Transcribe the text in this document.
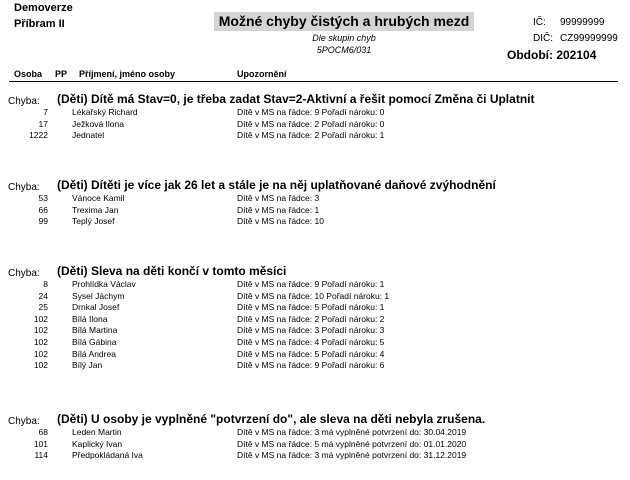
Demoverze
Příbram II	Možné chyby čistých a hrubých mezd
Dle skupin chyb
5POCM6/031
IČ: 99999999
DIČ: CZ99999999
Období: 202104
Osoba PP Příjmení, jméno osoby	Upozornění
Chyba: (Děti) Dítě má Stav=0, je třeba zadat Stav=2-Aktivní a řešit pomocí Změna či Uplatnit
7	Lékařský Richard	Dítě v MS na řádce: 9 Pořadí nároku: 0
17	Ježková Ilona	Dítě v MS na řádce: 2 Pořadí nároku: 0
1222	Jednatel	Dítě v MS na řádce: 2 Pořadí nároku: 1
Chyba: (Děti) Dítěti je více jak 26 let a stále je na něj uplatňované daňové zvýhodnění
53	Vánoce Kamil	Dítě v MS na řádce: 3
66	Trexima Jan	Dítě v MS na řádce: 1
99	Teplý Josef	Dítě v MS na řádce: 10
Chyba: (Děti) Sleva na děti končí v tomto měsíci
8	Prohlídka Václav	Dítě v MS na řádce: 9 Pořadí nároku: 1
24	Sysel Jáchym	Dítě v MS na řádce: 10 Pořadí nároku: 1
25	Drnkal Josef	Dítě v MS na řádce: 5 Pořadí nároku: 1
102	Bílá Ilona	Dítě v MS na řádce: 2 Pořadí nároku: 2
102	Bílá Martina	Dítě v MS na řádce: 3 Pořadí nároku: 3
102	Bílá Gábina	Dítě v MS na řádce: 4 Pořadí nároku: 5
102	Bílá Andrea	Dítě v MS na řádce: 5 Pořadí nároku: 4
102	Bílý Jan	Dítě v MS na řádce: 9 Pořadí nároku: 6
Chyba: (Děti) U osoby je vyplněné "potvrzení do", ale sleva na děti nebyla zrušena.
68	Leden Martin	Dítě v MS na řádce: 3 má vyplněné potvrzení do: 30.04.2019
101	Kaplický Ivan	Dítě v MS na řádce: 5 má vyplněné potvrzení do: 01.01.2020
114	Předpokládaná Iva	Dítě v MS na řádce: 3 má vyplněné potvrzení do: 31.12.2019
